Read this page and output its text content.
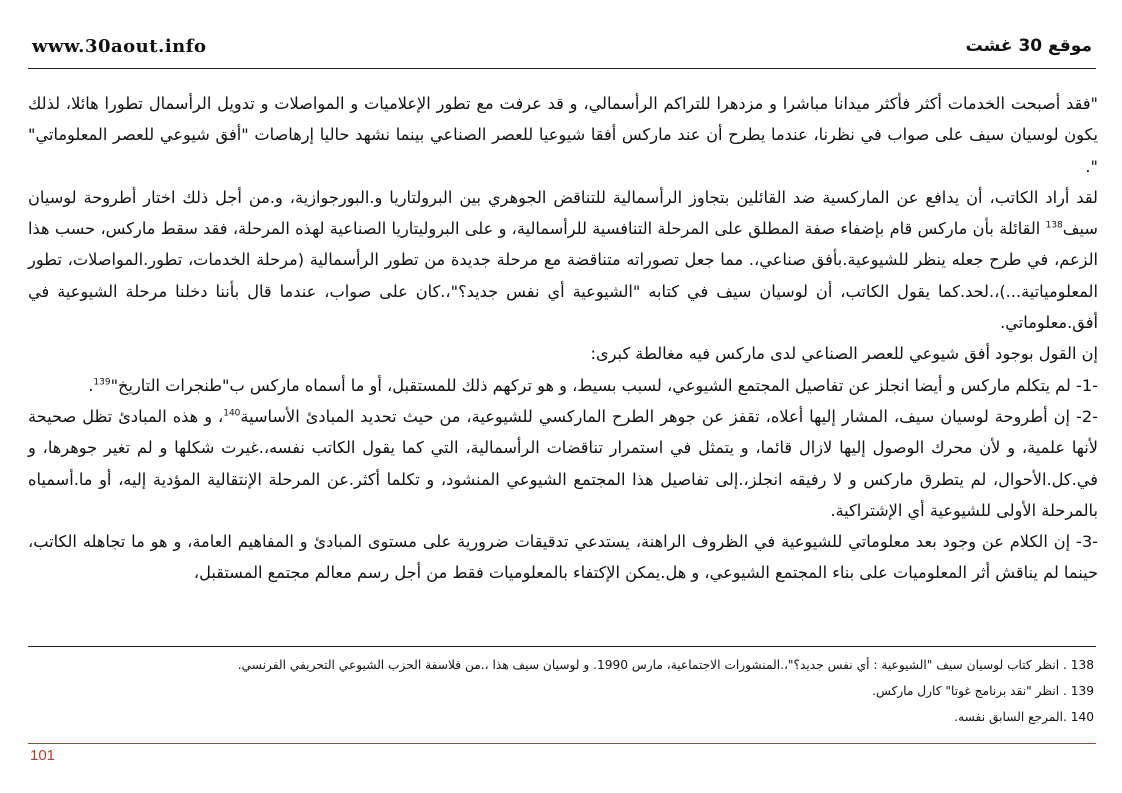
www.30aout.info	موقع 30 غشت

"فقد أصبحت الخدمات أكثر فأكثر ميدانا مباشرا و مزدهرا للتراكم الرأسمالي، و قد عرفت مع تطور الإعلاميات و المواصلات و تدويل الرأسمال تطورا هائلا، لذلك يكون لوسيان سيف على صواب في نظرنا، عندما يطرح أن عند ماركس أفقا شيوعيا للعصر الصناعي بينما نشهد حاليا إرهاصات "أفق شيوعي للعصر المعلوماتي" ".

لقد أراد الكاتب، أن يدافع عن الماركسية ضد القائلين بتجاوز الرأسمالية للتناقض الجوهري بين البرولتاريا و.البورجوازية، و.من أجل ذلك اختار أطروحة لوسيان سيف$^{138}$ القائلة بأن ماركس قام بإضفاء صفة المطلق على المرحلة التنافسية للرأسمالية، و على البروليتاريا الصناعية لهذه المرحلة، فقد سقط ماركس، حسب هذا الزعم، في طرح جعله ينظر للشيوعية.بأفق صناعي،. مما جعل تصوراته متناقضة مع مرحلة جديدة من تطور الرأسمالية (مرحلة الخدمات، تطور.المواصلات، تطور المعلومياتية...)،.لحد.كما يقول الكاتب، أن لوسيان سيف في كتابه "الشيوعية أي نفس جديد؟"،.كان على صواب، عندما قال بأننا دخلنا مرحلة الشيوعية في أفق.معلوماتي.

إن القول بوجود أفق شيوعي للعصر الصناعي لدى ماركس فيه مغالطة كبرى:

-1- لم يتكلم ماركس و أيضا انجلز عن تفاصيل المجتمع الشيوعي، لسبب بسيط، و هو تركهم ذلك للمستقبل، أو ما أسماه ماركس ب"طنجرات التاريخ"$^{139}$.

-2- إن أطروحة لوسيان سيف، المشار إليها أعلاه، تقفز عن جوهر الطرح الماركسي للشيوعية، من حيث تحديد المبادئ الأساسية$^{140}$، و هذه المبادئ تظل صحيحة لأنها علمية، و لأن محرك الوصول إليها لازال قائما، و يتمثل في استمرار تناقضات الرأسمالية، التي كما يقول الكاتب نفسه،.غيرت شكلها و لم تغير جوهرها، و في.كل.الأحوال، لم يتطرق ماركس و لا رفيقه انجلز،.إلى تفاصيل هذا المجتمع الشيوعي المنشود، و تكلما أكثر.عن المرحلة الإنتقالية المؤدية إليه، أو ما.أسمياه بالمرحلة الأولى للشيوعية أي الإشتراكية.

-3- إن الكلام عن وجود بعد معلوماتي للشيوعية في الظروف الراهنة، يستدعي تدقيقات ضرورية على مستوى المبادئ و المفاهيم العامة، و هو ما تجاهله الكاتب، حينما لم يناقش أثر المعلوميات على بناء المجتمع الشيوعي، و هل.يمكن الإكتفاء بالمعلوميات فقط من أجل رسم معالم مجتمع المستقبل،

138 . انظر كتاب لوسيان سيف "الشيوعية : أي نفس جديد؟"،.المنشورات الاجتماعية، مارس 1990. و لوسيان سيف هذا ،.من فلاسفة الحزب الشيوعي التحريفي الفرنسي.

139 . انظر "نقد برنامج غوتا" كارل ماركس.

140 .المرجع السابق نفسه.

101
